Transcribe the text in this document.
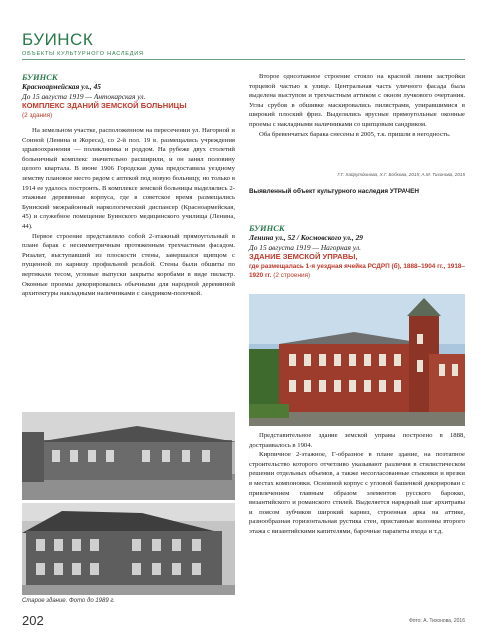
БУИНСК
ОБЪЕКТЫ КУЛЬТУРНОГО НАСЛЕДИЯ
БУИНСК
Красноармейская ул., 45
До 15 августа 1919 — Антокарская ул.
КОМПЛЕКС ЗДАНИЙ ЗЕМСКОЙ БОЛЬНИЦЫ
(2 здания)

На земельном участке, расположенном на пересечении ул. Нагорной и Сонной (Ленина и Жореса), со 2-й пол. 19 в. размещались учреждения здравоохранения — поликлиника и роддом. На рубеже двух столетий больничный комплекс значительно расширили, и он занял половину целого квартала. В июне 1906 Городская дума предоставила уездному земству плановое место рядом с аптекой под новую больницу, но только в 1914 ее удалось построить. В комплексе земской больницы выделялись 2-этажные деревянные корпуса, где в советское время размещались Буинский межрайонный наркологический диспансер (Красноармейская, 45) и служебное помещение Буинского медицинского училища (Ленина, 44).

Первое строение представляло собой 2-этажный прямоугольный в плане барак с несимметричным протяженным трехчастным фасадом. Ризалит, выступавший из плоскости стены, завершался щипцом с пущенной по карнизу профильной резьбой. Стены были обшиты по вертикали тесом, угловые выпуски закрыты коробами в виде пиластр. Оконные проемы декорировались обычными для народной деревянной архитектуры накладными наличниками с сандриком-полочкой.

Старое здание. Фото до 1989 г.

Второе одноэтажное строение стояло на красной линии застройки торцевой частью к улице. Центральная часть уличного фасада была выделена выступом и трехчастным аттиком с окном лучкового очертания. Углы срубов в обшивке маскировались пилястрами, упиравшимися в широкий плоский фриз. Выделялись ярусные прямоугольные оконные проемы с накладными наличниками со щипцовым сандриком.

Оба бревенчатых барака снесены в 2005, т.к. пришли в негодность.

Г.Г. Хайрутдинова, Х.Г. Бобкова, 2015; А.М. Тихонова, 2015
Выявленный объект культурного наследия УТРАЧЕН
БУИНСК
Ленина ул., 52 / Космовского ул., 29
До 15 августа 1919 — Нагорная ул.
ЗДАНИЕ ЗЕМСКОЙ УПРАВЫ,
где размещалась 1-я уездная ячейка РСДРП (б), 1888–1904 гг., 1918–1920 гг. (2 строения)

Представительное здание земской управы построено в 1888, достраивалось в 1904.

Кирпичное 2-этажное, Г-образное в плане здание, на поэтапное строительство которого отчетливо указывают различия в стилистическом решении отдельных объемов, а также несогласованные стыковки и врезки в местах компоновки. Основной корпус с угловой башенкой декорирован с привлечением главным образом элементов русского барокко, византийского и романского стилей. Выделяется нарядный шаг архитравы и поясом зубчиков широкий карниз, строенная арка на аттике, разнообразная горизонтальная рустика стен, приставные колонны второго этажа с византийскими капителями, барочные парапеты входа и т.д.

202	Фото: А. Тихонова, 2016
